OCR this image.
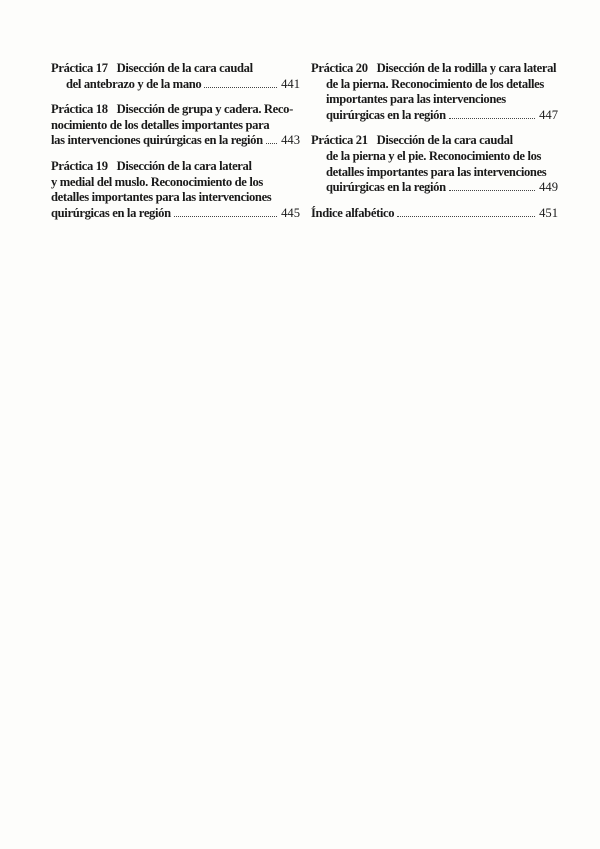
Práctica 17 Disección de la cara caudal
del antebrazo y de la mano	441
Práctica 18 Disección de grupa y cadera. Reco-
nocimiento de los detalles importantes para
las intervenciones quirúrgicas en la región 443
Práctica 19 Disección de la cara lateral
y medial del muslo. Reconocimiento de los
detalles importantes para las intervenciones
quirúrgicas en la región	445
Práctica 20 Disección de la rodilla y cara lateral
de la pierna. Reconocimiento de los detalles
importantes para las intervenciones
quirúrgicas en la región	447
Práctica 21 Disección de la cara caudal
de la pierna y el pie. Reconocimiento de los
detalles importantes para las intervenciones
quirúrgicas en la región	449
Índice alfabético	451
